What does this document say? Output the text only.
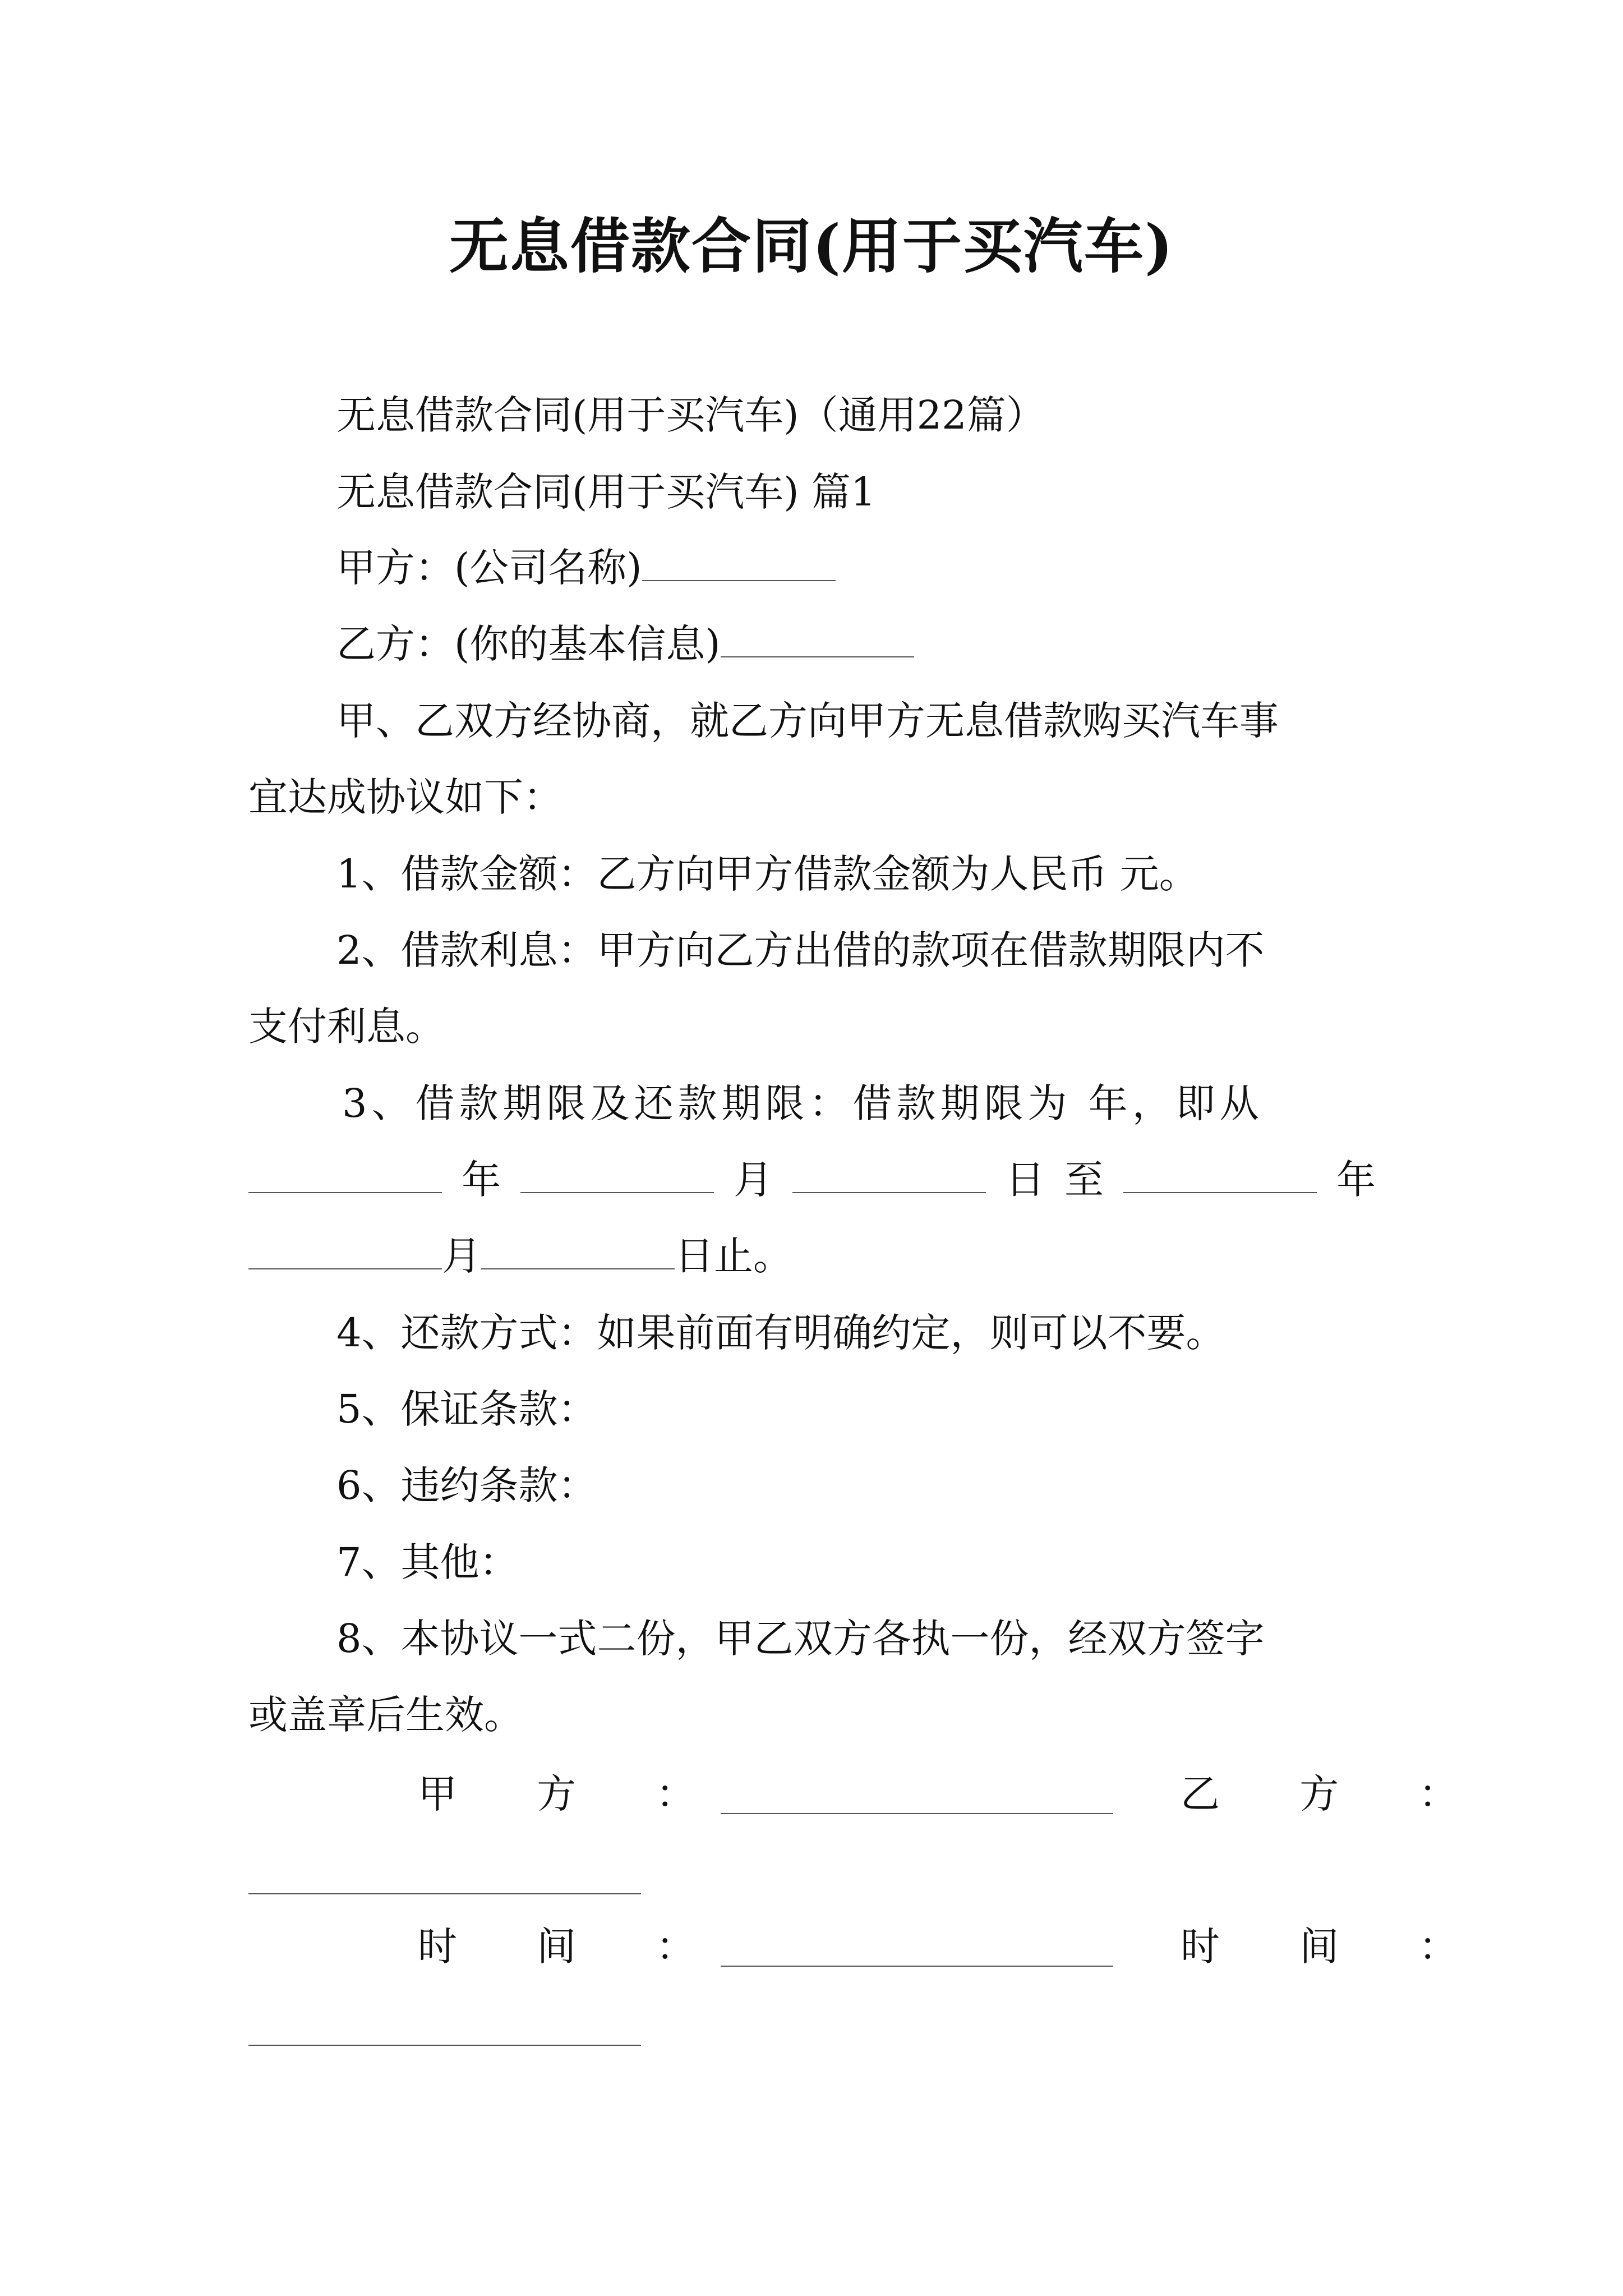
无息借款合同(用于买汽车)
无息借款合同(用于买汽车)（通用22篇）
无息借款合同(用于买汽车) 篇1
甲方：(公司名称)
乙方：(你的基本信息)
甲、乙双方经协商，就乙方向甲方无息借款购买汽车事
宜达成协议如下：
1、借款金额：乙方向甲方借款金额为人民币 元。
2、借款利息：甲方向乙方出借的款项在借款期限内不
支付利息。
3、借款期限及还款期限：借款期限为 年，即从
年	月	日 至	年
月	日止。
4、还款方式：如果前面有明确约定，则可以不要。
5、保证条款：
6、违约条款：
7、其他：
8、本协议一式二份，甲乙双方各执一份，经双方签字
或盖章后生效。
甲 方 ：	乙 方 ：
时 间 ：	时 间 ：
